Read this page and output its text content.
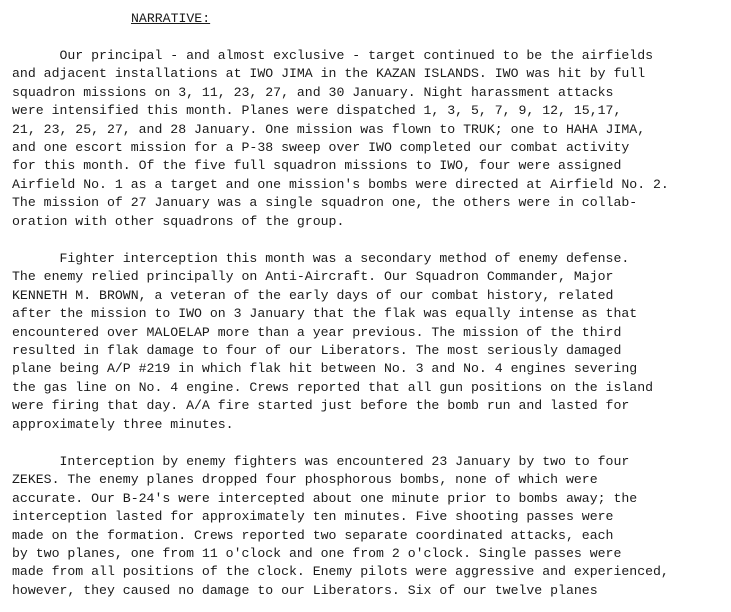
NARRATIVE:
Our principal - and almost exclusive - target continued to be the airfields
and adjacent installations at IWO JIMA in the KAZAN ISLANDS. IWO was hit by full
squadron missions on 3, 11, 23, 27, and 30 January. Night harassment attacks
were intensified this month. Planes were dispatched 1, 3, 5, 7, 9, 12, 15,17,
21, 23, 25, 27, and 28 January. One mission was flown to TRUK; one to HAHA JIMA,
and one escort mission for a P-38 sweep over IWO completed our combat activity
for this month. Of the five full squadron missions to IWO, four were assigned
Airfield No. 1 as a target and one mission's bombs were directed at Airfield No. 2.
The mission of 27 January was a single squadron one, the others were in collab-
oration with other squadrons of the group.
Fighter interception this month was a secondary method of enemy defense.
The enemy relied principally on Anti-Aircraft. Our Squadron Commander, Major
KENNETH M. BROWN, a veteran of the early days of our combat history, related
after the mission to IWO on 3 January that the flak was equally intense as that
encountered over MALOELAP more than a year previous. The mission of the third
resulted in flak damage to four of our Liberators. The most seriously damaged
plane being A/P #219 in which flak hit between No. 3 and No. 4 engines severing
the gas line on No. 4 engine. Crews reported that all gun positions on the island
were firing that day. A/A fire started just before the bomb run and lasted for
approximately three minutes.
Interception by enemy fighters was encountered 23 January by two to four
ZEKES. The enemy planes dropped four phosphorous bombs, none of which were
accurate. Our B-24's were intercepted about one minute prior to bombs away; the
interception lasted for approximately ten minutes. Five shooting passes were
made on the formation. Crews reported two separate coordinated attacks, each
by two planes, one from 11 o'clock and one from 2 o'clock. Single passes were
made from all positions of the clock. Enemy pilots were aggressive and experienced,
however, they caused no damage to our Liberators. Six of our twelve planes
